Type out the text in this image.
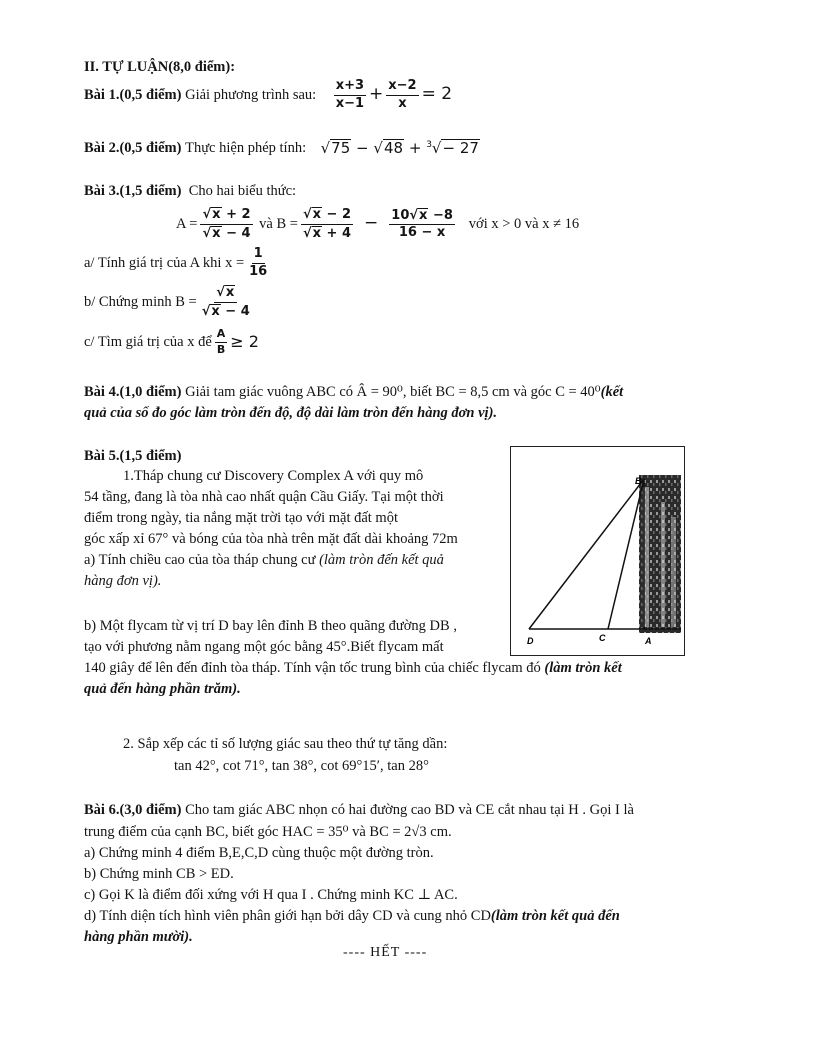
II. TỰ LUẬN(8,0 điểm):
Bài 1.(0,5 điểm)
Giải phương trình sau:
$\frac{x+3}{x-1} + \frac{x-2}{x} = 2$
Bài 2.(0,5 điểm)
Thực hiện phép tính:
√75 − √48 + $^3$√− 27
Bài 3.(1,5 điểm) Cho hai biểu thức:
$A = \frac{√x + 2}{√x - 4}$
và $B = \frac{√x - 2}{√x + 4} - \frac{10√x -8}{16 - x}$
với x > 0 và x ≠ 16
a/ Tính giá trị của A khi $x = \frac{1}{16}$
b/ Chứng minh $B = \frac{√x}{√x - 4}$
c/ Tìm giá trị của x để $\frac{A}{B} \ge 2$
Bài 4.(1,0 điểm) Giải tam giác vuông ABC có Â = 90⁰, biết BC = 8,5 cm và góc C = 40⁰(kết
quả của số đo góc làm tròn đến độ, độ dài làm tròn đến hàng đơn vị).
Bài 5.(1,5 điểm)
1.Tháp chung cư Discovery Complex A với quy mô
54 tầng, đang là tòa nhà cao nhất quận Cầu Giấy. Tại một thời
điểm trong ngày, tia nắng mặt trời tạo với mặt đất một
góc xấp xỉ 67° và bóng của tòa nhà trên mặt đất dài khoảng 72m
a) Tính chiều cao của tòa tháp chung cư (làm tròn đến kết quả
hàng đơn vị).
b) Một flycam từ vị trí D bay lên đỉnh B theo quãng đường DB ,
tạo với phương nằm ngang một góc bằng 45°.Biết flycam mất
140 giây để lên đến đỉnh tòa tháp. Tính vận tốc trung bình của chiếc flycam đó (làm tròn kết
quả đến hàng phần trăm).
B
D	C	A
2. Sắp xếp các tỉ số lượng giác sau theo thứ tự tăng dần:
tan 42°, cot 71°, tan 38°, cot 69°15′, tan 28°
Bài 6.(3,0 điểm) Cho tam giác ABC nhọn có hai đường cao BD và CE cắt nhau tại H . Gọi I là
trung điểm của cạnh BC, biết góc HAC = 35⁰ và BC = 2√3 cm.
a) Chứng minh 4 điểm B,E,C,D cùng thuộc một đường tròn.
b) Chứng minh CB > ED.
c) Gọi K là điểm đối xứng với H qua I . Chứng minh KC ⊥ AC.
d) Tính diện tích hình viên phân giới hạn bởi dây CD và cung nhỏ CD(làm tròn kết quả đến
hàng phần mười).
---- HẾT ----
